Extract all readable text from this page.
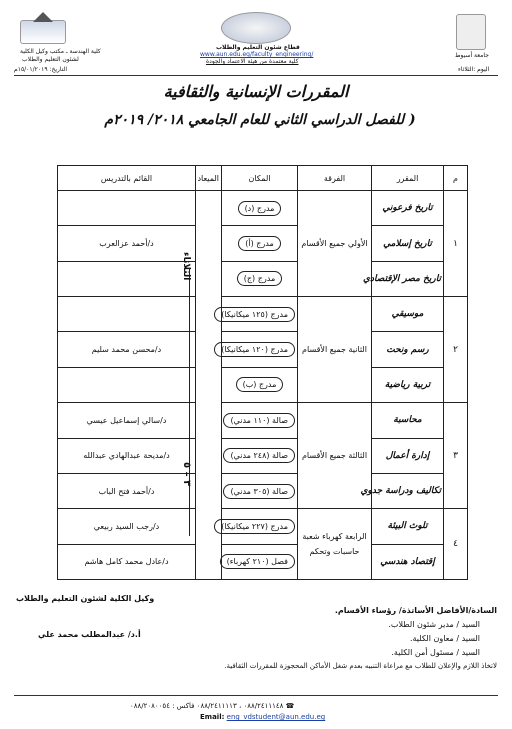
كلية الهندسة ـ مكتب وكيل الكلية
لشئون التعليم والطلاب
قطاع شئون التعليم والطلاب
www.aun.edu.eg/faculty_engineering/
كلية معتمدة من هيئة الاعتماد والجودة
جامعة أسيوط
التاريخ: ١٥/٠١/٢٠١٩م	اليوم :الثلاثاء
المقررات الإنسانية والثقافية
للفصل الدراسي الثاني للعام الجامعي ٢٠١٨/ ٢٠١٩م )
م	المقرر	الفرقة	المكان	الميعاد	القائم بالتدريس
١	تاريخ فرعوني	الأولي جميع الأقسام	مدرج (د)		
	تاريخ إسلامي		مدرج (أ)		د/أحمد عزالعرب
	تاريخ مصر الإقتصادي		مدرج (ج)		
٢	موسيقي	الثانية جميع الأقسام	مدرج (١٢٥ ميكانيكا)		
	رسم ونحت		مدرج (١٢٠ ميكانيكا)		د/محسن محمد سليم
	تربية رياضية		مدرج (ب)		
٣	محاسبة	الثالثة جميع الأقسام	صالة (١١٠ مدني)		د/سالي إسماعيل عيسي
	إدارة أعمال		صالة (٢٤٨ مدني)		د/مديحة عبدالهادي عبدالله
	تكاليف ودراسة جدوي		صالة (٣٠٥ مدني)		د/أحمد فتح الباب
٤	تلوث البيئة	الرابعة كهرباء شعبة
حاسبات وتحكم	مدرج (٢٢٧ ميكانيكا)		د/رجب السيد ربيعي
	إقتصاد هندسي		فصل (٢١٠ كهرباء)		د/عادل محمد كامل هاشم
الثلاثاء
٣ – ٥
السادة/الأفاضل الأساتذة/ رؤساء الأقسام.
السيد / مدير شئون الطلاب.
السيد / معاون الكلية.
السيد / مسئول أمن الكلية.
لاتخاذ اللازم والإعلان للطلاب مع مراعاة التنبيه بعدم شغل الأماكن المحجوزة للمقررات الثقافية.
وكيل الكلية لشئون التعليم والطلاب
أ.د/ عبدالمطلب محمد علي
☎ ٠٨٨/٢٤١١١٤٨ ، ٠٨٨/٢٤١١١١٣ فاكس : ٠٨٨/٢٠٨٠٠٥٤
Email: eng_vdstudent@aun.edu.eg
